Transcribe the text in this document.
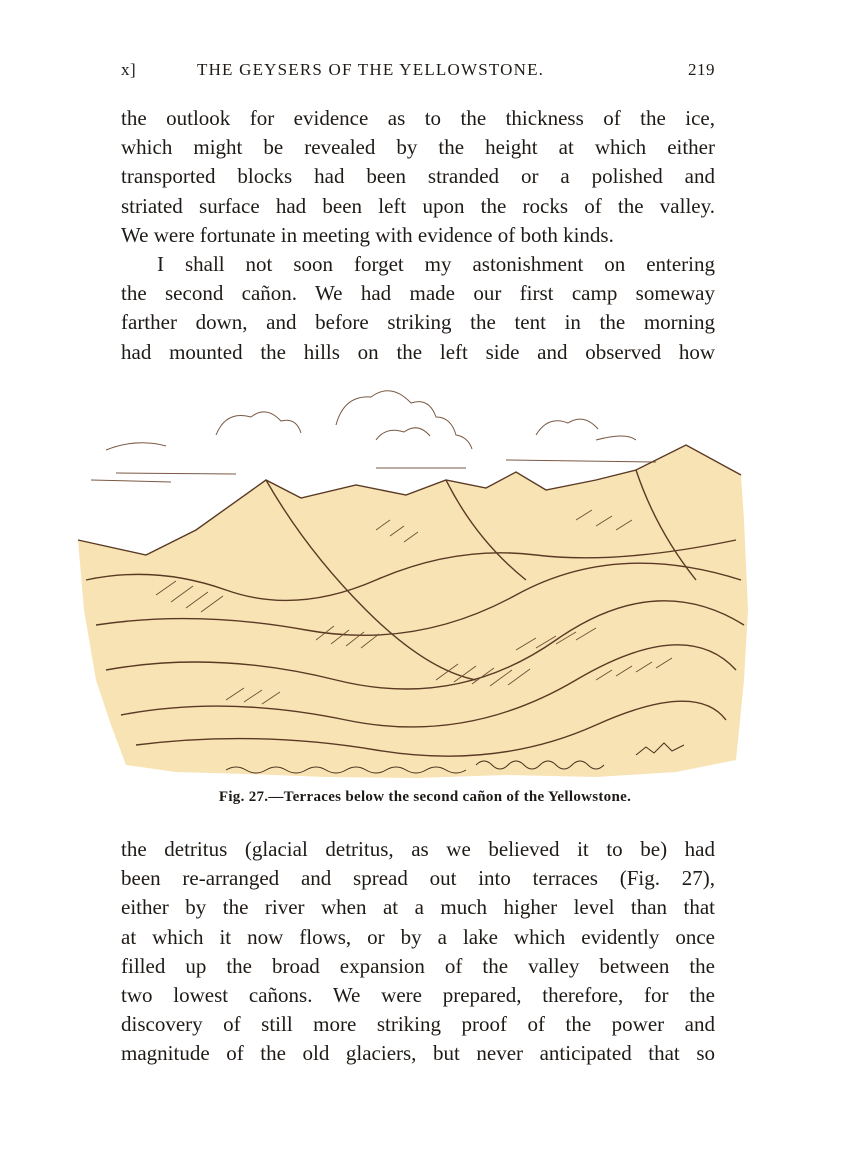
x]	THE GEYSERS OF THE YELLOWSTONE.	219
the outlook for evidence as to the thickness of the ice,
which might be revealed by the height at which either
transported blocks had been stranded or a polished and
striated surface had been left upon the rocks of the valley.
We were fortunate in meeting with evidence of both kinds.
I shall not soon forget my astonishment on entering
the second cañon. We had made our first camp someway
farther down, and before striking the tent in the morning
had mounted the hills on the left side and observed how
Fig. 27.—Terraces below the second cañon of the Yellowstone.
the detritus (glacial detritus, as we believed it to be) had
been re-arranged and spread out into terraces (Fig. 27),
either by the river when at a much higher level than that
at which it now flows, or by a lake which evidently once
filled up the broad expansion of the valley between the
two lowest cañons. We were prepared, therefore, for the
discovery of still more striking proof of the power and
magnitude of the old glaciers, but never anticipated that so
